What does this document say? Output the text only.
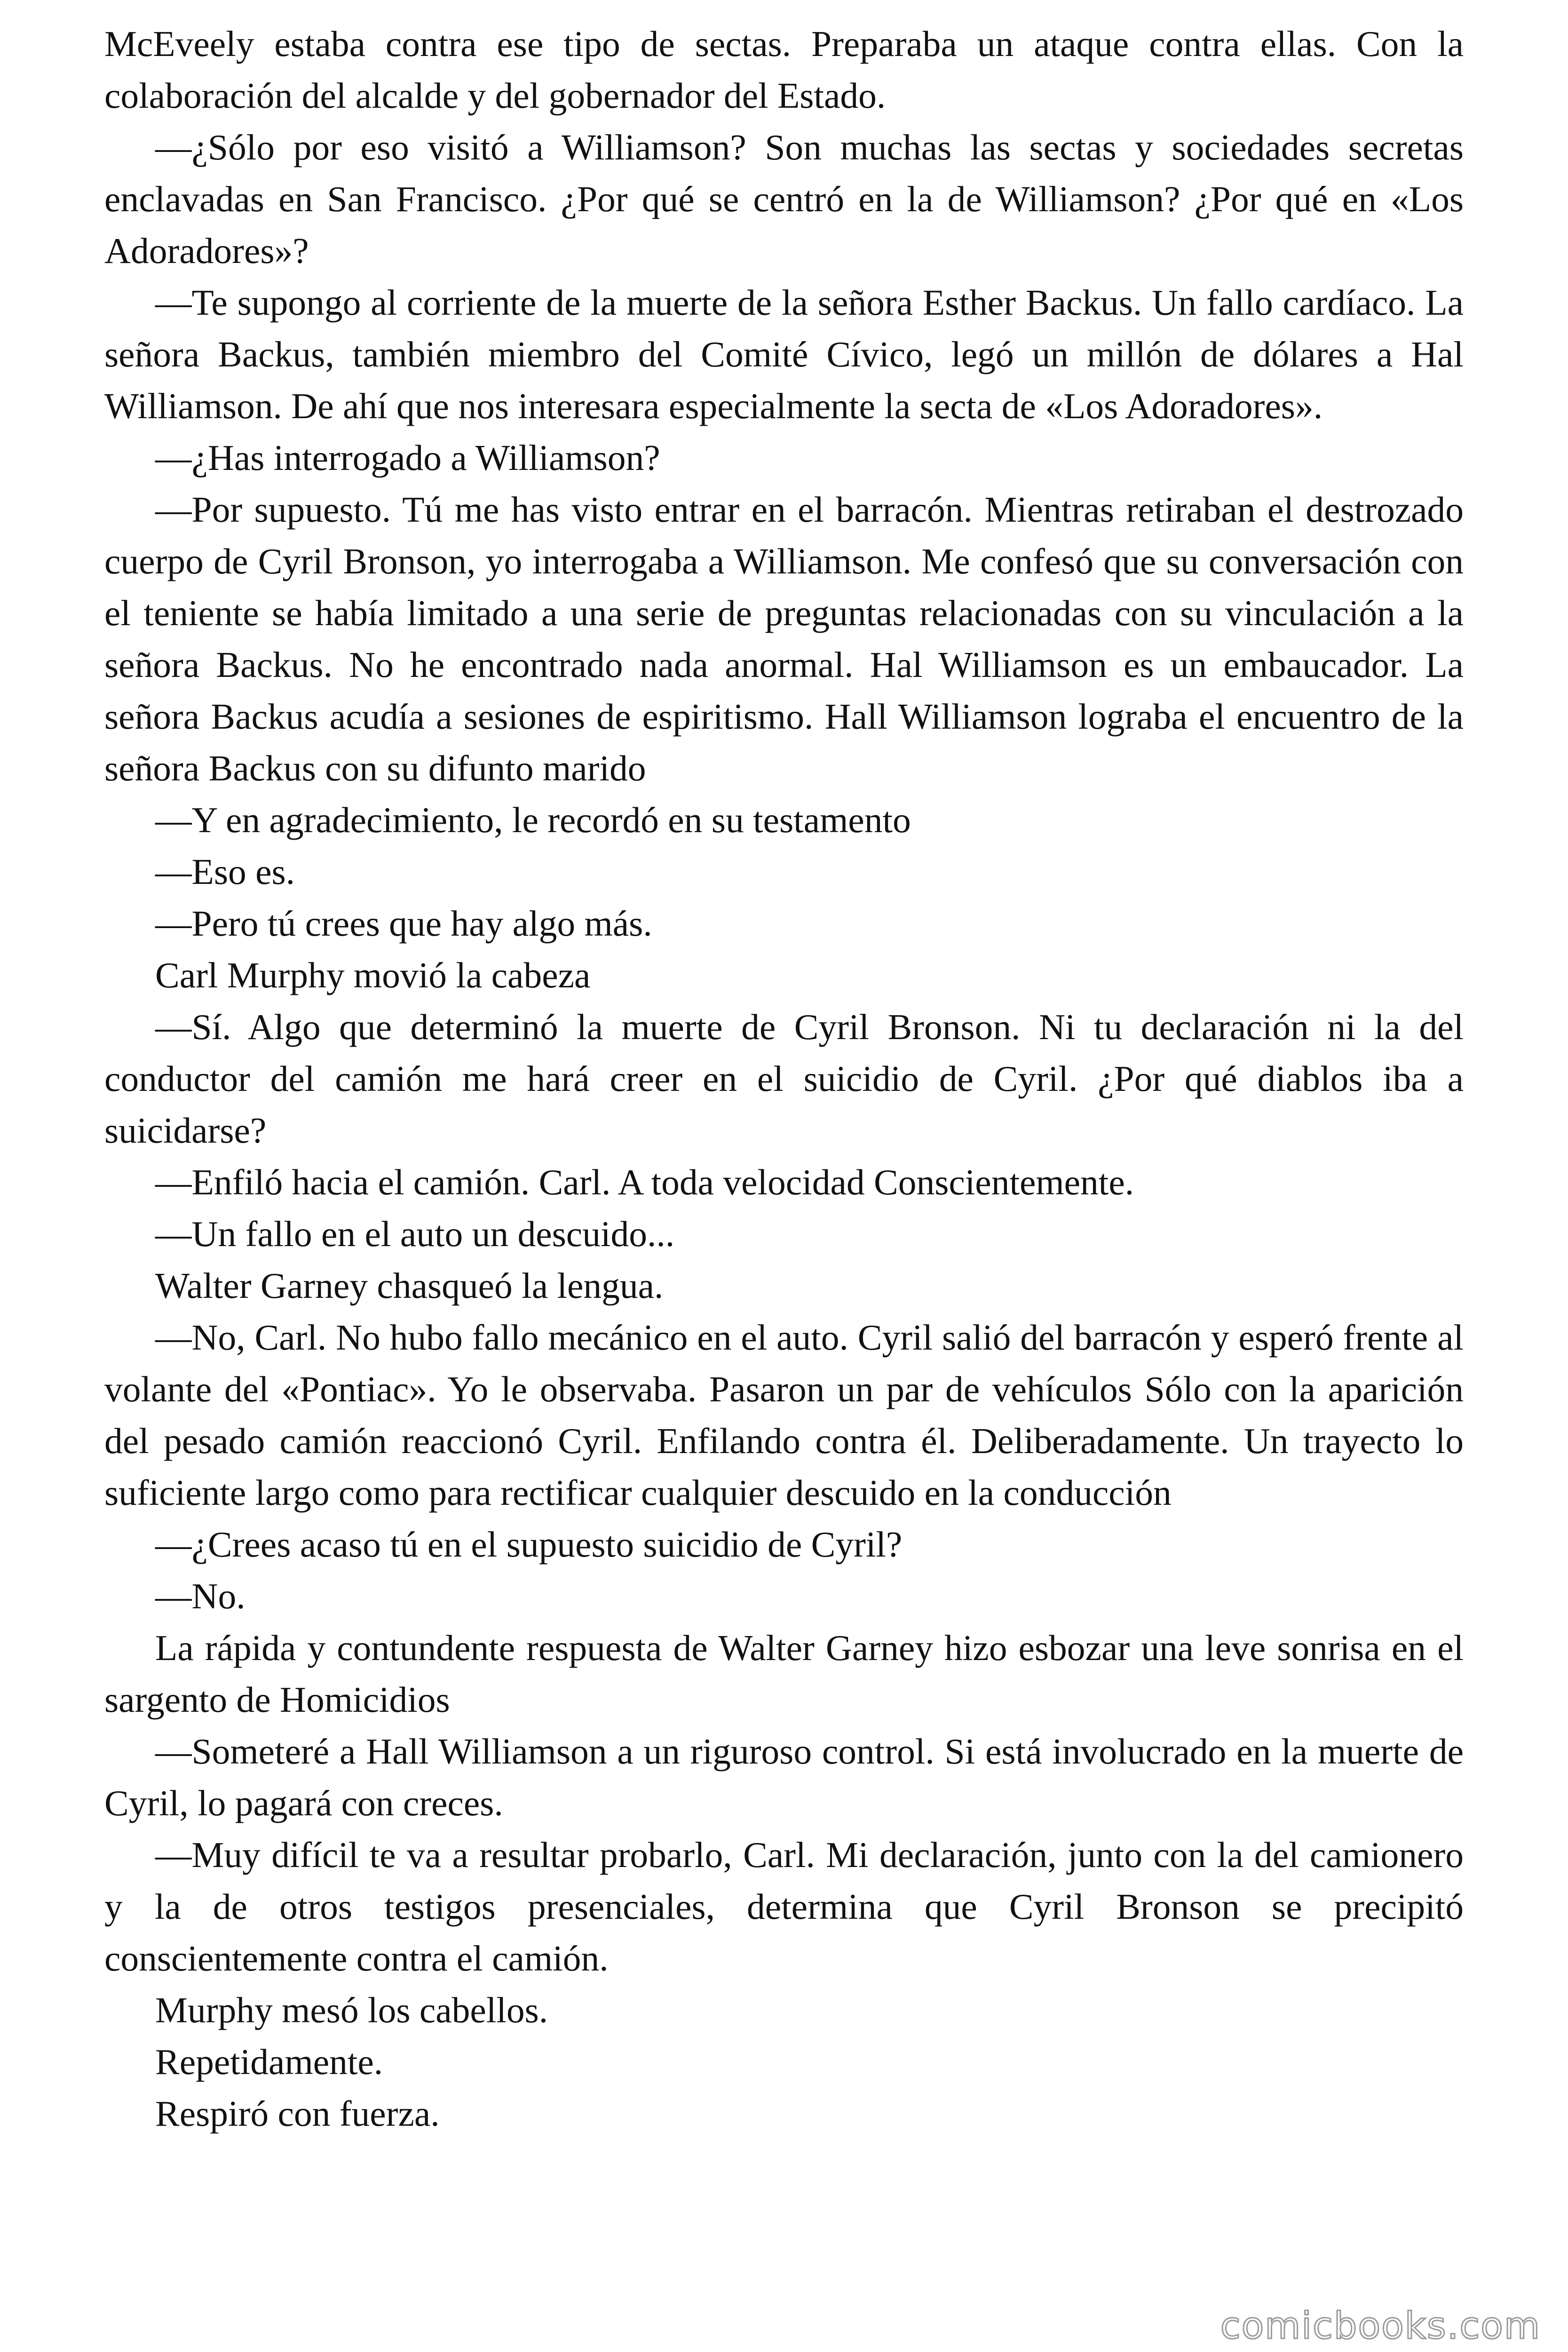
McEveely estaba contra ese tipo de sectas. Preparaba un ataque contra ellas. Con la colaboración del alcalde y del gobernador del Estado.

—¿Sólo por eso visitó a Williamson? Son muchas las sectas y sociedades secretas enclavadas en San Francisco. ¿Por qué se centró en la de Williamson? ¿Por qué en «Los Adoradores»?

—Te supongo al corriente de la muerte de la señora Esther Backus. Un fallo cardíaco. La señora Backus, también miembro del Comité Cívico, legó un millón de dólares a Hal Williamson. De ahí que nos interesara especialmente la secta de «Los Adoradores».

—¿Has interrogado a Williamson?

—Por supuesto. Tú me has visto entrar en el barracón. Mientras retiraban el destrozado cuerpo de Cyril Bronson, yo interrogaba a Williamson. Me confesó que su conversación con el teniente se había limitado a una serie de preguntas relacionadas con su vinculación a la señora Backus. No he encontrado nada anormal. Hal Williamson es un embaucador. La señora Backus acudía a sesiones de espiritismo. Hall Williamson lograba el encuentro de la señora Backus con su difunto marido

—Y en agradecimiento, le recordó en su testamento

—Eso es.

—Pero tú crees que hay algo más.

Carl Murphy movió la cabeza

—Sí. Algo que determinó la muerte de Cyril Bronson. Ni tu declaración ni la del conductor del camión me hará creer en el suicidio de Cyril. ¿Por qué diablos iba a suicidarse?

—Enfiló hacia el camión. Carl. A toda velocidad Conscientemente.

—Un fallo en el auto un descuido...

Walter Garney chasqueó la lengua.

—No, Carl. No hubo fallo mecánico en el auto. Cyril salió del barracón y esperó frente al volante del «Pontiac». Yo le observaba. Pasaron un par de vehículos Sólo con la aparición del pesado camión reaccionó Cyril. Enfilando contra él. Deliberadamente. Un trayecto lo suficiente largo como para rectificar cualquier descuido en la conducción

—¿Crees acaso tú en el supuesto suicidio de Cyril?

—No.

La rápida y contundente respuesta de Walter Garney hizo esbozar una leve sonrisa en el sargento de Homicidios

—Someteré a Hall Williamson a un riguroso control. Si está involucrado en la muerte de Cyril, lo pagará con creces.

—Muy difícil te va a resultar probarlo, Carl. Mi declaración, junto con la del camionero y la de otros testigos presenciales, determina que Cyril Bronson se precipitó conscientemente contra el camión.

Murphy mesó los cabellos.

Repetidamente.

Respiró con fuerza.

comicbooks.com
